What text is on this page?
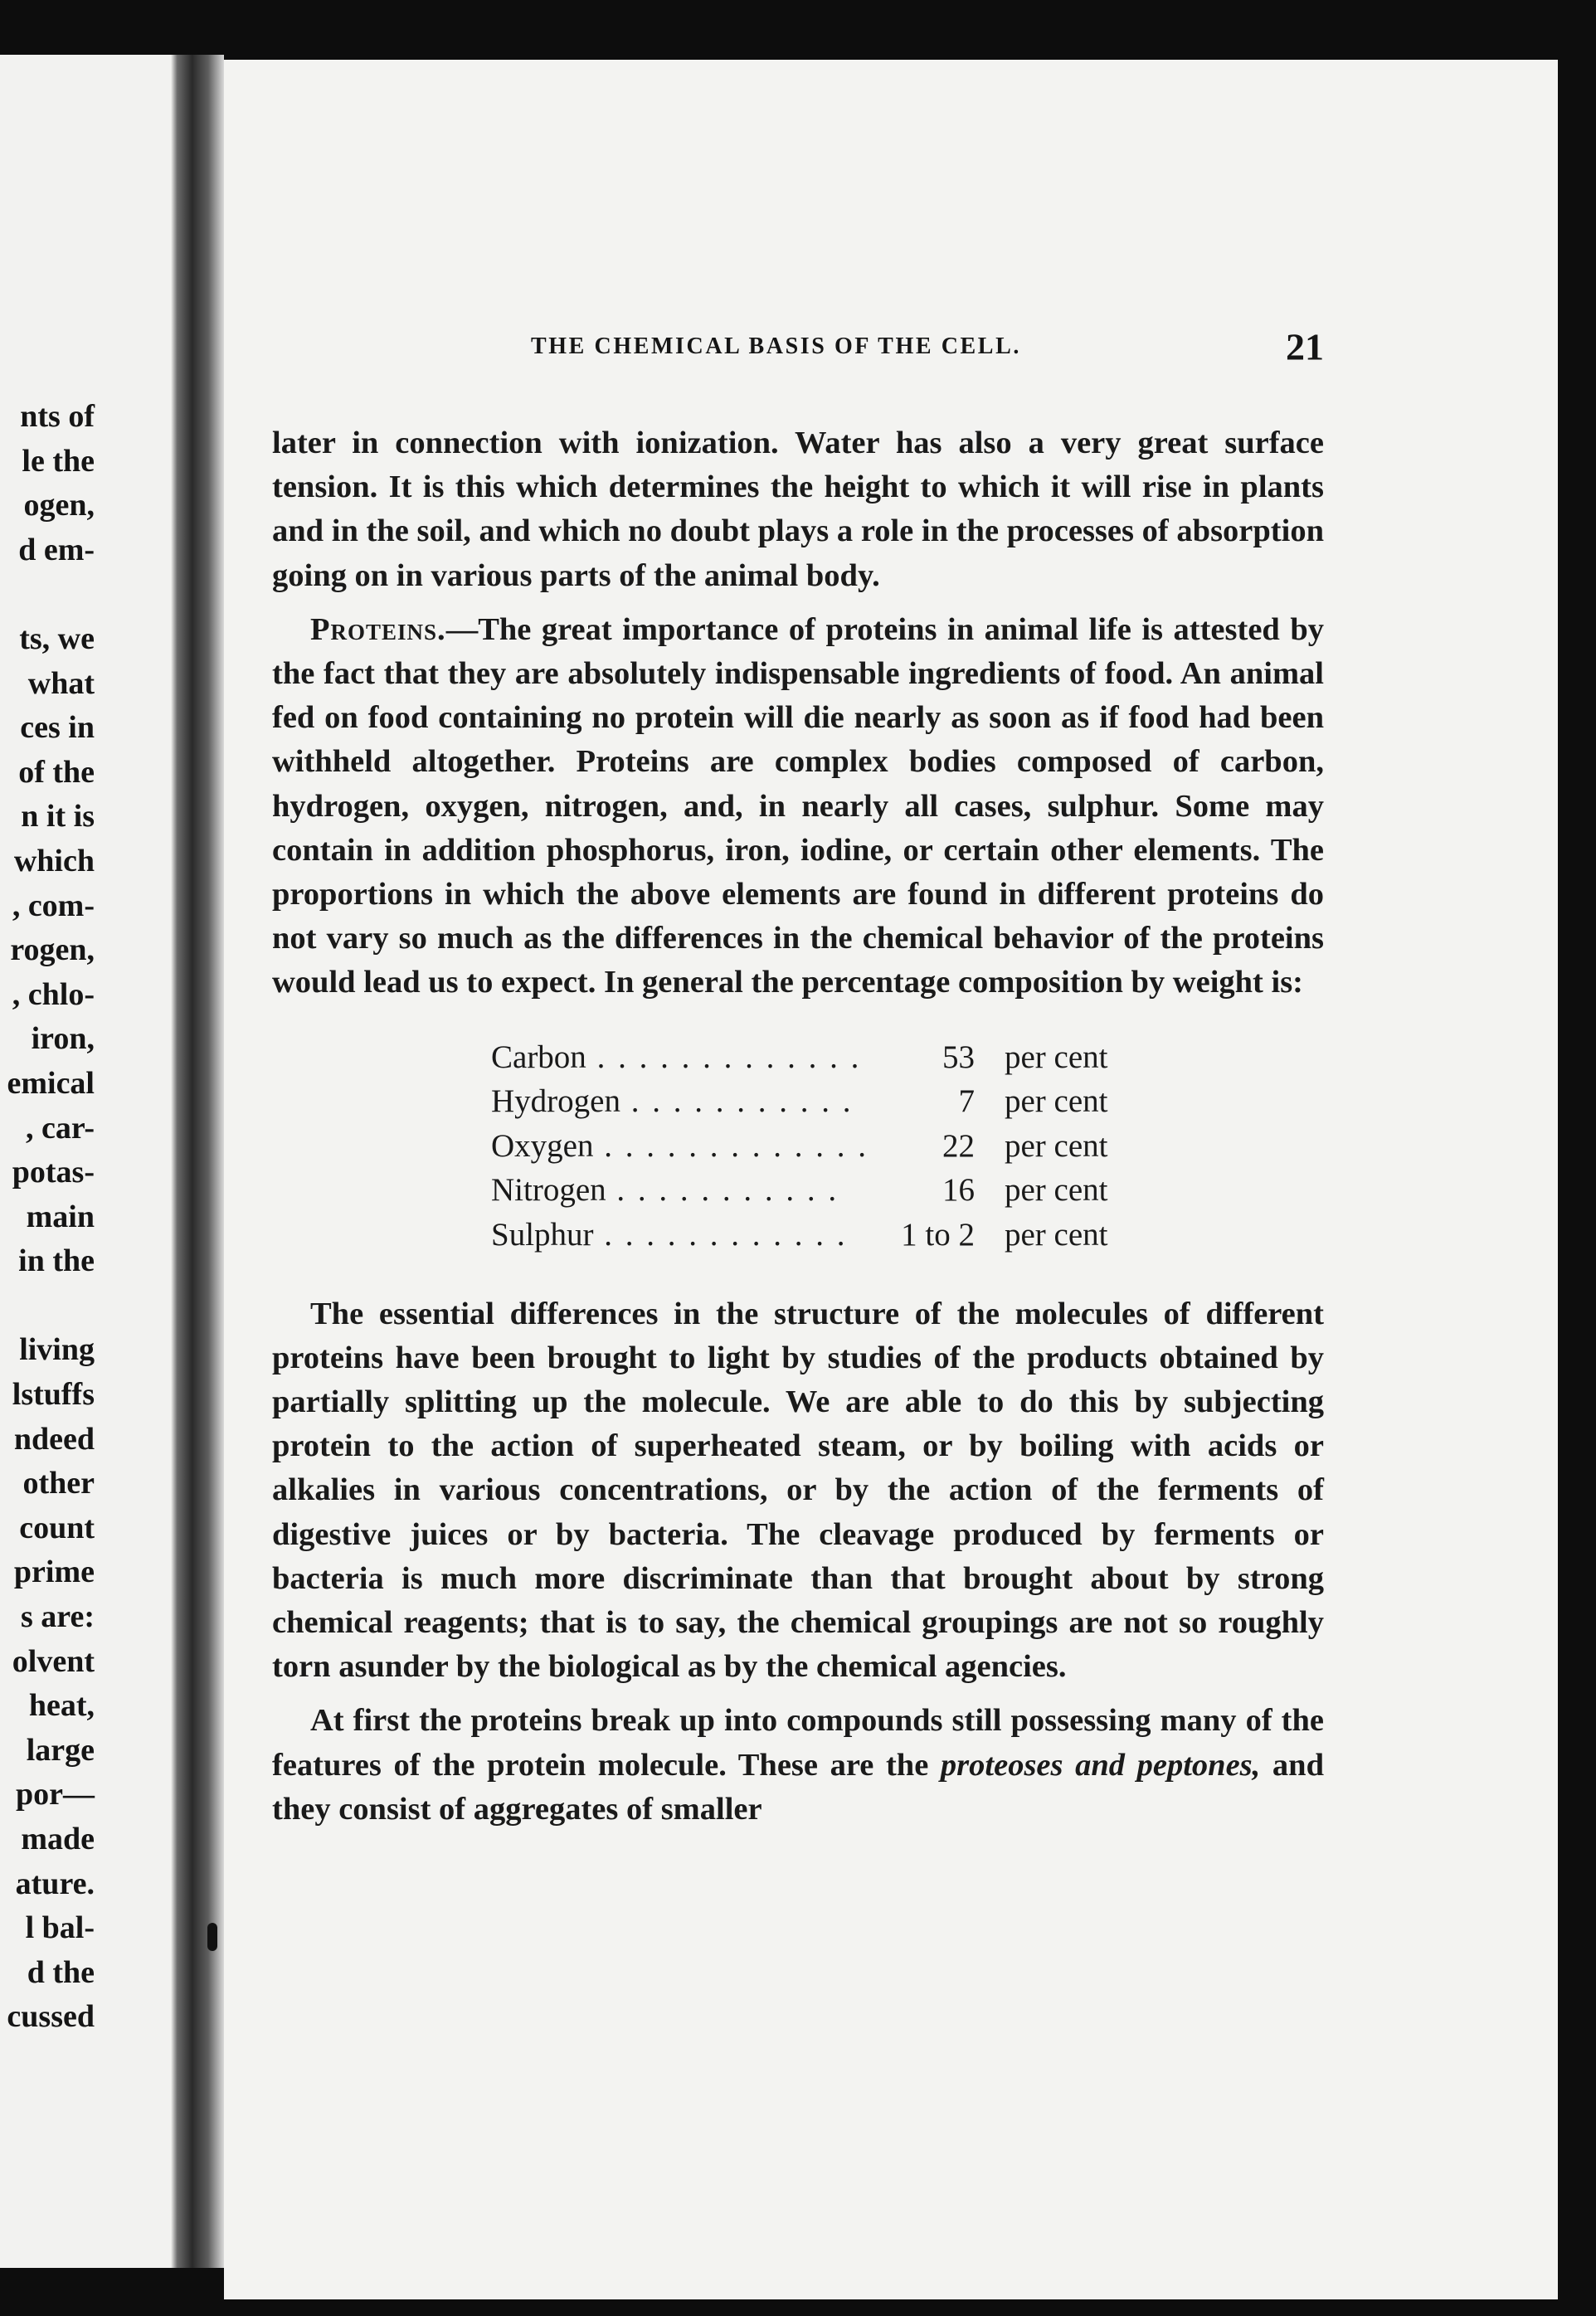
nts of
le the
ogen,
d em-
ts, we
what
ces in
of the
n it is
which
, com-
rogen,
, chlo-
iron,
emical
, car-
potas-
main
in the
living
lstuffs
ndeed
other
count
prime
s are:
olvent
heat,
large
por—
made
ature.
l bal-
d the
cussed
THE CHEMICAL BASIS OF THE CELL.	21

later in connection with ionization. Water has also a very great surface tension. It is this which determines the height to which it will rise in plants and in the soil, and which no doubt plays a role in the processes of absorption going on in various parts of the animal body.

Proteins.—The great importance of proteins in animal life is attested by the fact that they are absolutely indispensable ingredients of food. An animal fed on food containing no protein will die nearly as soon as if food had been withheld altogether. Proteins are complex bodies composed of carbon, hydrogen, oxygen, nitrogen, and, in nearly all cases, sulphur. Some may contain in addition phosphorus, iron, iodine, or certain other elements. The proportions in which the above elements are found in different proteins do not vary so much as the differences in the chemical behavior of the proteins would lead us to expect. In general the percentage composition by weight is:

Carbon . . . . . . . . . . . . .	53	per cent
Hydrogen . . . . . . . . . . .	7	per cent
Oxygen . . . . . . . . . . . . .	22	per cent
Nitrogen . . . . . . . . . . .	16	per cent
Sulphur . . . . . . . . . . . .	1 to 2	per cent

The essential differences in the structure of the molecules of different proteins have been brought to light by studies of the products obtained by partially splitting up the molecule. We are able to do this by subjecting protein to the action of superheated steam, or by boiling with acids or alkalies in various concentrations, or by the action of the ferments of digestive juices or by bacteria. The cleavage produced by ferments or bacteria is much more discriminate than that brought about by strong chemical reagents; that is to say, the chemical groupings are not so roughly torn asunder by the biological as by the chemical agencies.

At first the proteins break up into compounds still possessing many of the features of the protein molecule. These are the proteoses and peptones, and they consist of aggregates of smaller
